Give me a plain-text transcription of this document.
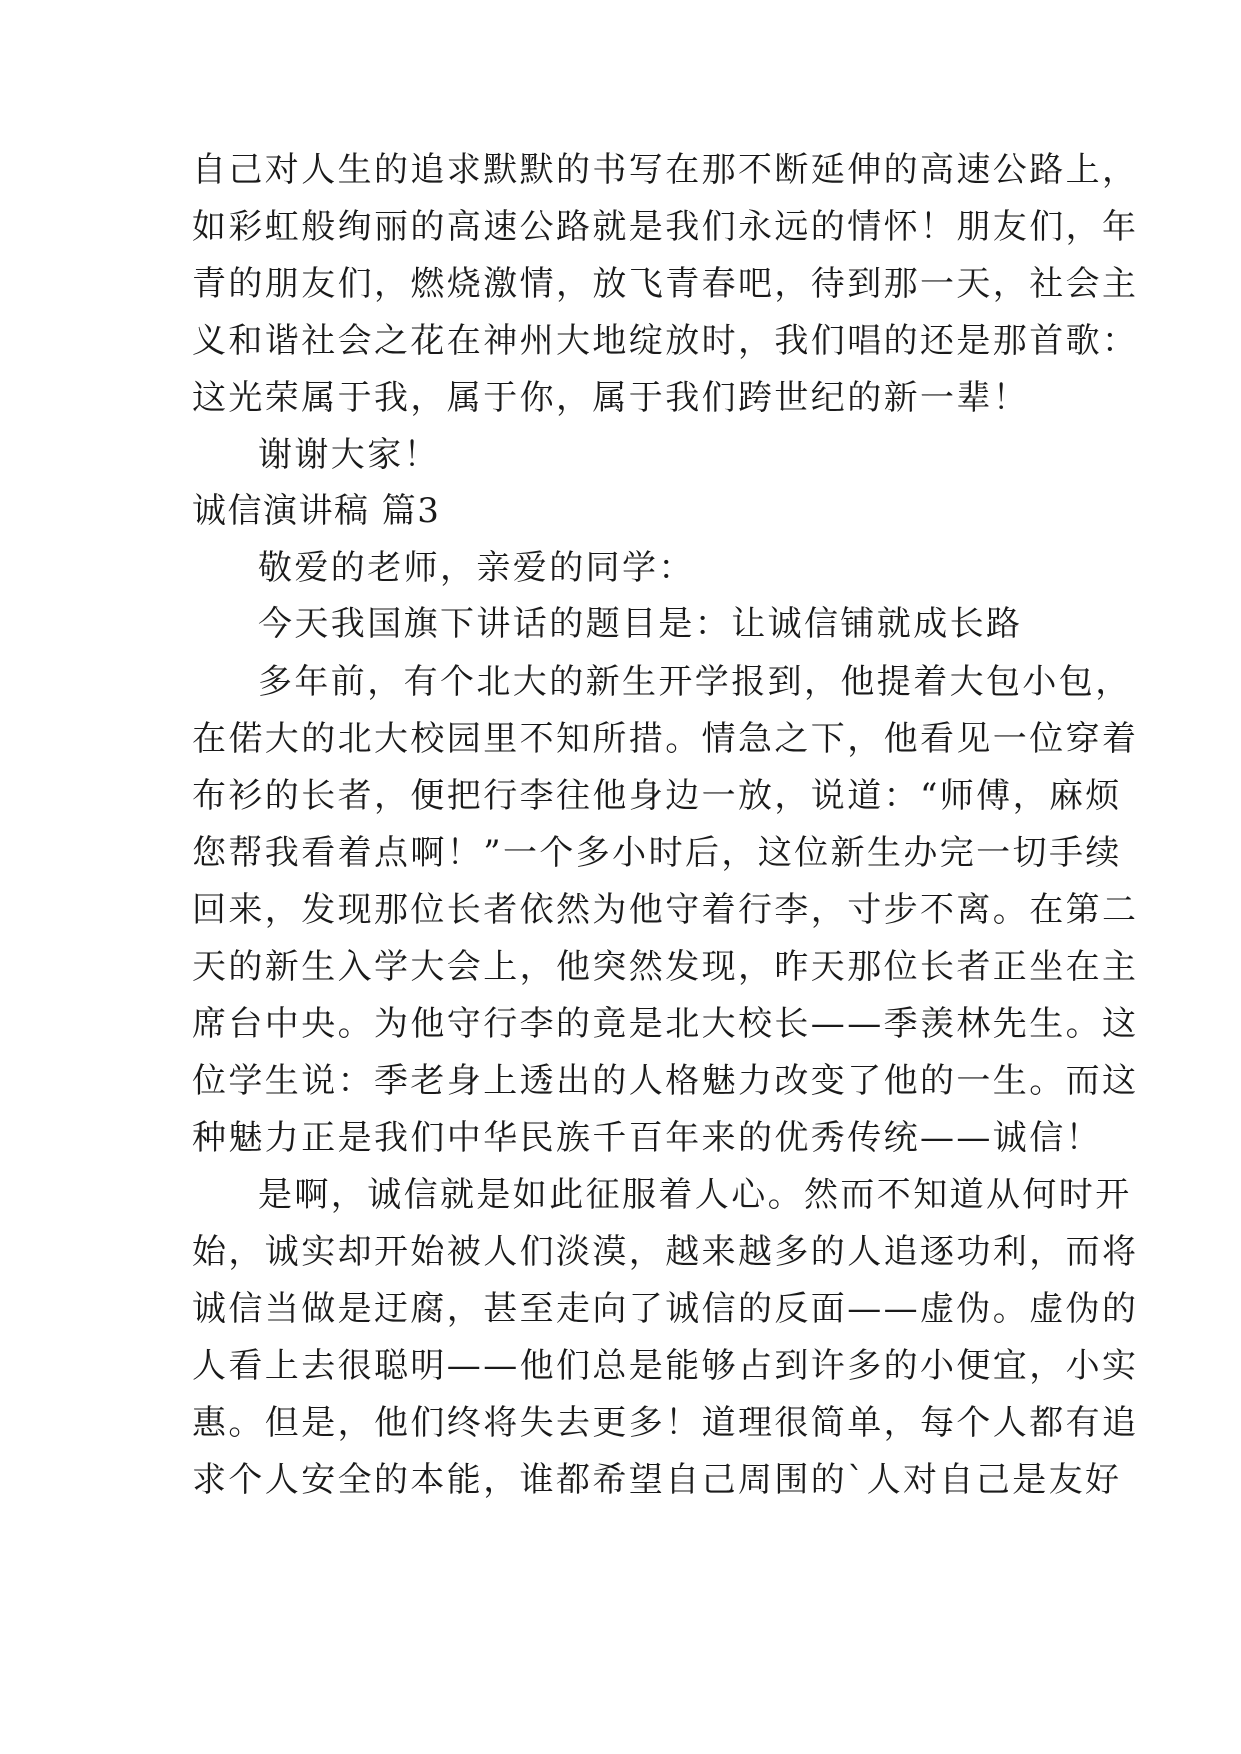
自己对人生的追求默默的书写在那不断延伸的高速公路上，
如彩虹般绚丽的高速公路就是我们永远的情怀！朋友们，年
青的朋友们，燃烧激情，放飞青春吧，待到那一天，社会主
义和谐社会之花在神州大地绽放时，我们唱的还是那首歌：
这光荣属于我，属于你，属于我们跨世纪的新一辈！
谢谢大家！
诚信演讲稿 篇3
敬爱的老师，亲爱的同学：
今天我国旗下讲话的题目是：让诚信铺就成长路
多年前，有个北大的新生开学报到，他提着大包小包，
在偌大的北大校园里不知所措。情急之下，他看见一位穿着
布衫的长者，便把行李往他身边一放，说道：“师傅，麻烦
您帮我看着点啊！”一个多小时后，这位新生办完一切手续
回来，发现那位长者依然为他守着行李，寸步不离。在第二
天的新生入学大会上，他突然发现，昨天那位长者正坐在主
席台中央。为他守行李的竟是北大校长——季羡林先生。这
位学生说：季老身上透出的人格魅力改变了他的一生。而这
种魅力正是我们中华民族千百年来的优秀传统——诚信！
是啊，诚信就是如此征服着人心。然而不知道从何时开
始，诚实却开始被人们淡漠，越来越多的人追逐功利，而将
诚信当做是迂腐，甚至走向了诚信的反面——虚伪。虚伪的
人看上去很聪明——他们总是能够占到许多的小便宜，小实
惠。但是，他们终将失去更多！道理很简单，每个人都有追
求个人安全的本能，谁都希望自己周围的`人对自己是友好
